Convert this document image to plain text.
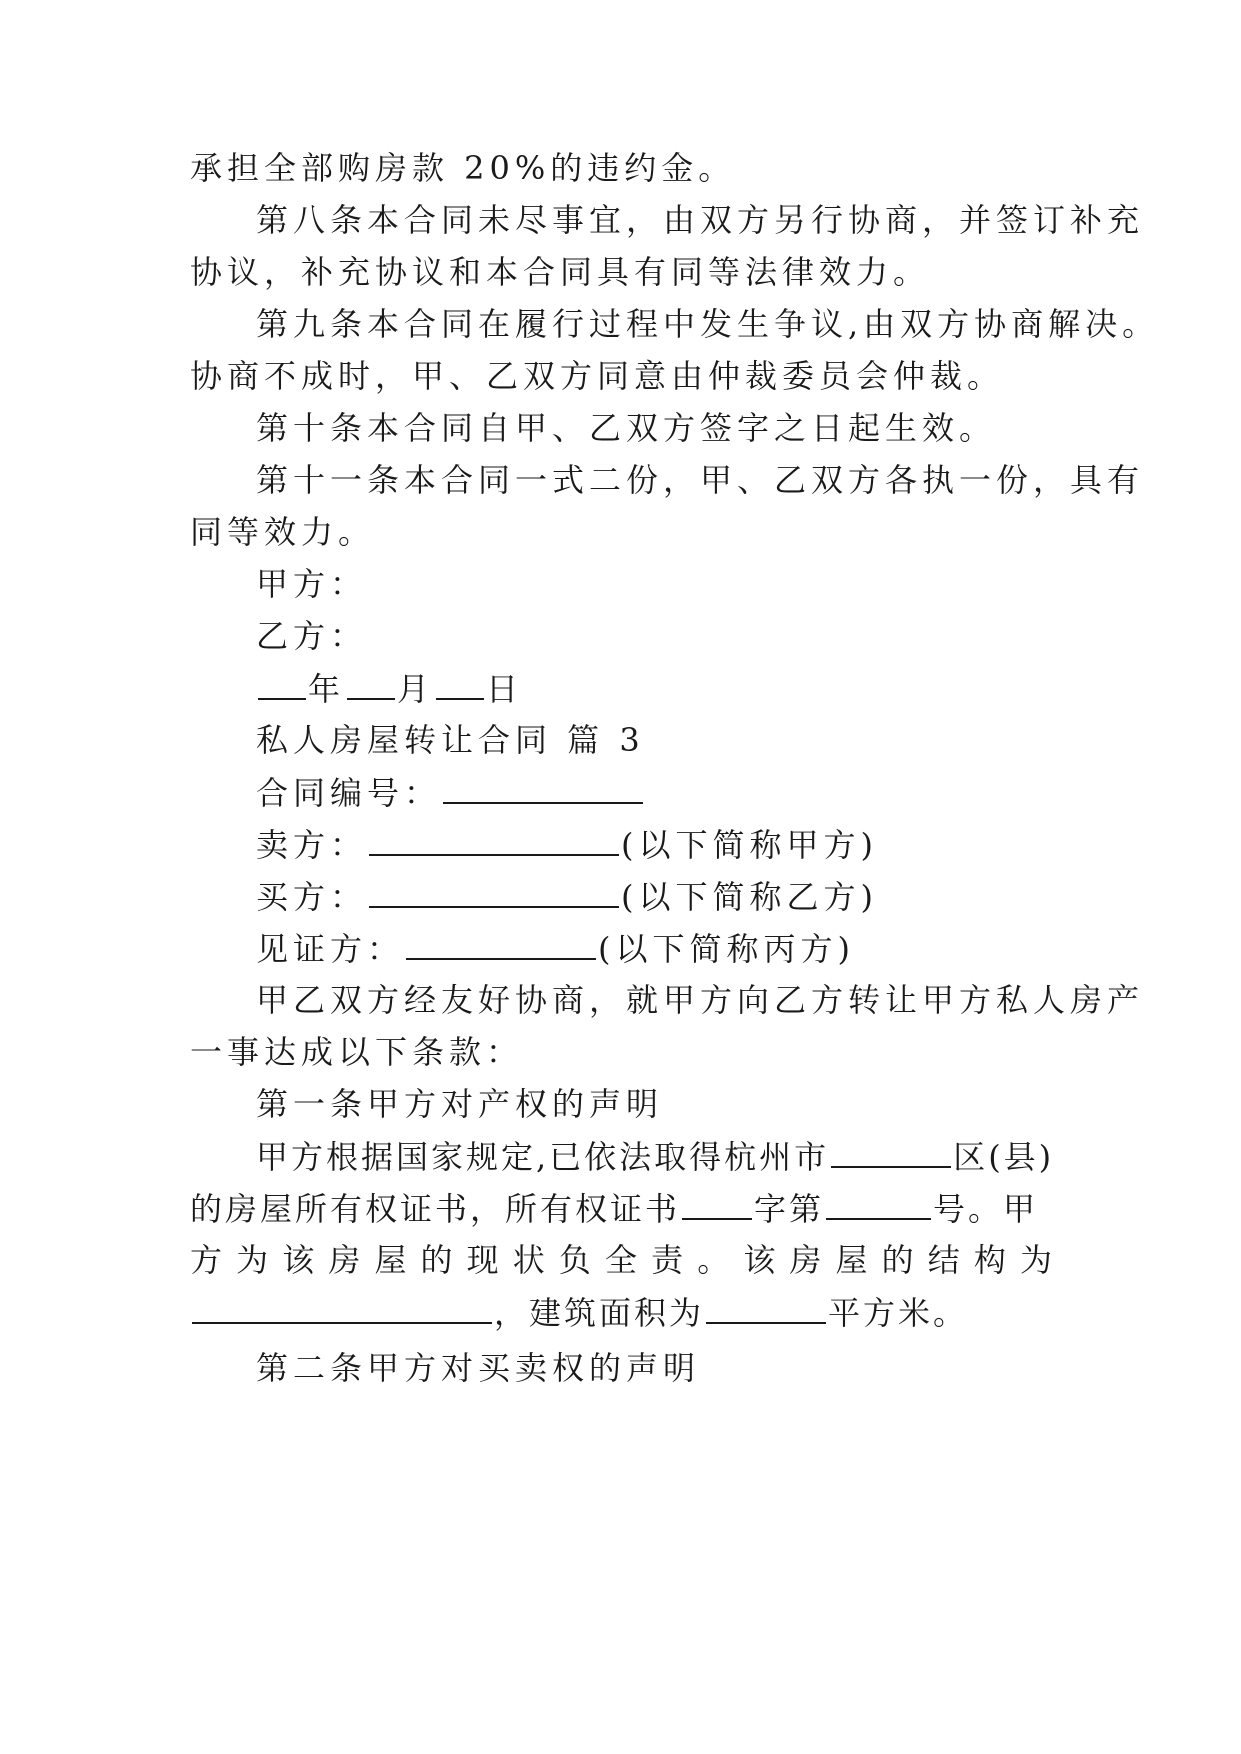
承担全部购房款 20%的违约金。
第八条本合同未尽事宜，由双方另行协商，并签订补充
协议，补充协议和本合同具有同等法律效力。
第九条本合同在履行过程中发生争议,由双方协商解决。
协商不成时，甲、乙双方同意由仲裁委员会仲裁。
第十条本合同自甲、乙双方签字之日起生效。
第十一条本合同一式二份，甲、乙双方各执一份，具有
同等效力。
甲方：
乙方：
年 月 日
私人房屋转让合同 篇 3
合同编号：
卖方：	(以下简称甲方)
买方：	(以下简称乙方)
见证方：	(以下简称丙方)
甲乙双方经友好协商，就甲方向乙方转让甲方私人房产
一事达成以下条款：
第一条甲方对产权的声明
甲方根据国家规定,已依法取得杭州市	区(县)
的房屋所有权证书，所有权证书 字第	号。甲
方 为 该 房 屋 的 现 状 负 全 责 。 该 房 屋 的 结 构 为
，建筑面积为	平方米。
第二条甲方对买卖权的声明
